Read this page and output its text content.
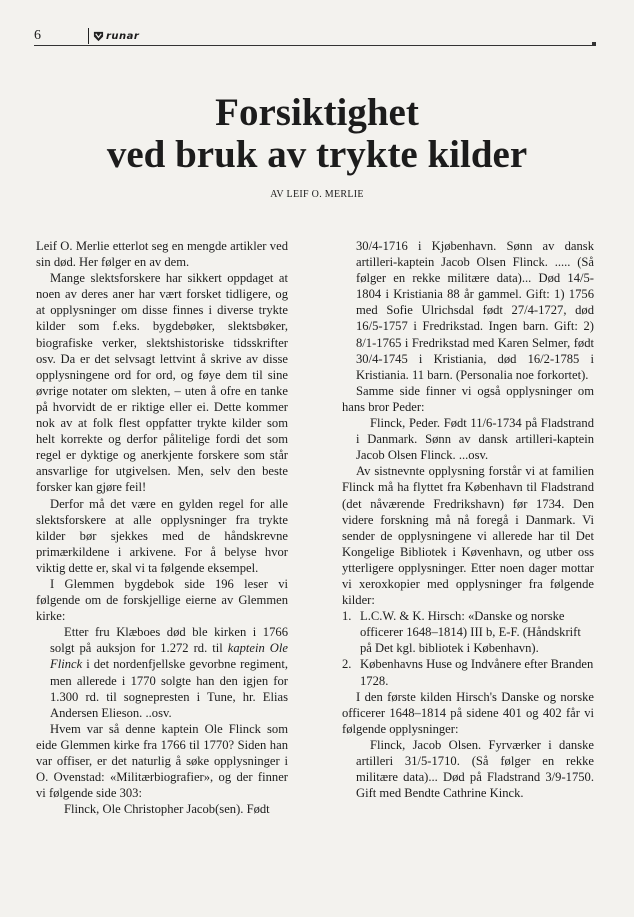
6	runar
Forsiktighet
ved bruk av trykte kilder
AV LEIF O. MERLIE

Leif O. Merlie etterlot seg en mengde artikler ved sin død. Her følger en av dem.

Mange slektsforskere har sikkert oppdaget at noen av deres aner har vært forsket tidligere, og at opplysninger om disse finnes i diverse trykte kilder som f.eks. bygdebøker, slektsbøker, biografiske verker, slektshistoriske tidsskrifter osv. Da er det selvsagt lettvint å skrive av disse opplysningene ord for ord, og føye dem til sine øvrige notater om slekten, – uten å ofre en tanke på hvorvidt de er riktige eller ei. Dette kommer nok av at folk flest oppfatter trykte kilder som helt korrekte og derfor pålitelige fordi det som regel er dyktige og anerkjente forskere som står ansvarlige for utgivelsen. Men, selv den beste forsker kan gjøre feil!

Derfor må det være en gylden regel for alle slektsforskere at alle opplysninger fra trykte kilder bør sjekkes med de håndskrevne primærkildene i arkivene. For å belyse hvor viktig dette er, skal vi ta følgende eksempel.

I Glemmen bygdebok side 196 leser vi følgende om de forskjellige eierne av Glemmen kirke:

Etter fru Klæboes død ble kirken i 1766 solgt på auksjon for 1.272 rd. til kaptein Ole Flinck i det nordenfjellske gevorbne regiment, men allerede i 1770 solgte han den igjen for 1.300 rd. til sognepresten i Tune, hr. Elias Andersen Elieson. ..osv.

Hvem var så denne kaptein Ole Flinck som eide Glemmen kirke fra 1766 til 1770? Siden han var offiser, er det naturlig å søke opplysninger i O. Ovenstad: «Militærbiografier», og der finner vi følgende side 303:

Flinck, Ole Christopher Jacob(sen). Født

30/4-1716 i Kjøbenhavn. Sønn av dansk artilleri-kaptein Jacob Olsen Flinck. ..... (Så følger en rekke militære data)... Død 14/5-1804 i Kristiania 88 år gammel. Gift: 1) 1756 med Sofie Ulrichsdal født 27/4-1727, død 16/5-1757 i Fredrikstad. Ingen barn. Gift: 2) 8/1-1765 i Fredrikstad med Karen Selmer, født 30/4-1745 i Kristiania, død 16/2-1785 i Kristiania. 11 barn. (Personalia noe forkortet).

Samme side finner vi også opplysninger om hans bror Peder:

Flinck, Peder. Født 11/6-1734 på Fladstrand i Danmark. Sønn av dansk artilleri-kaptein Jacob Olsen Flinck. ...osv.

Av sistnevnte opplysning forstår vi at familien Flinck må ha flyttet fra København til Fladstrand (det nåværende Fredrikshavn) før 1734. Den videre forskning må nå foregå i Danmark. Vi sender de opplysningene vi allerede har til Det Kongelige Bibliotek i Køvenhavn, og utber oss ytterligere opplysninger. Etter noen dager mottar vi xeroxkopier med opplysninger fra følgende kilder:

1. L.C.W. & K. Hirsch: «Danske og norske officerer 1648–1814) III b, E-F. (Håndskrift på Det kgl. bibliotek i København).
2. Københavns Huse og Indvånere efter Branden 1728.

I den første kilden Hirsch's Danske og norske officerer 1648–1814 på sidene 401 og 402 får vi følgende opplysninger:

Flinck, Jacob Olsen. Fyrværker i danske artilleri 31/5-1710. (Så følger en rekke militære data)... Død på Fladstrand 3/9-1750. Gift med Bendte Cathrine Kinck.
